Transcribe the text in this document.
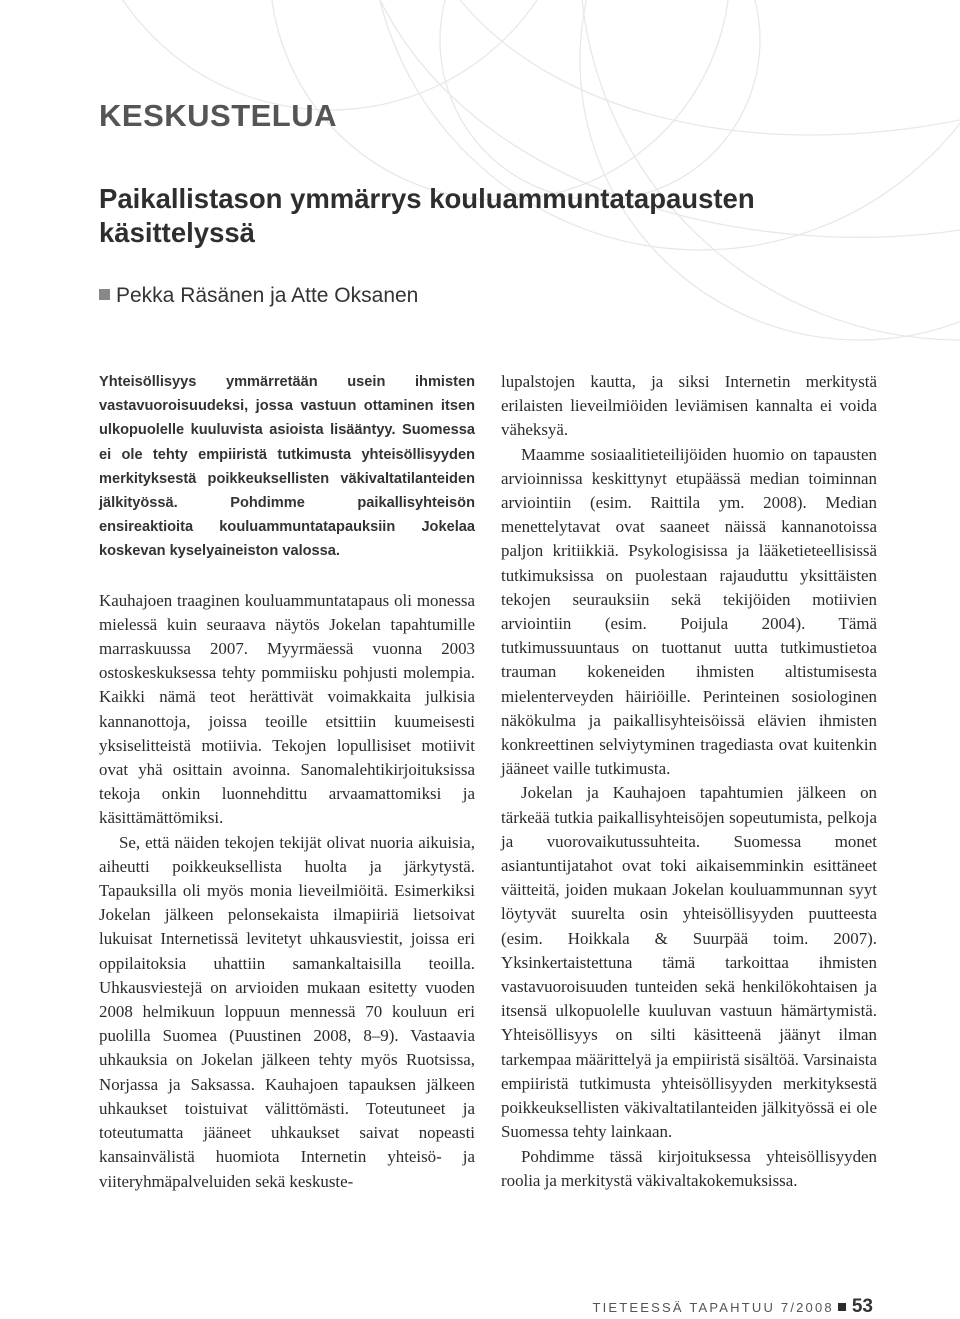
KESKUSTELUA
Paikallistason ymmärrys kouluammuntatapausten käsittelyssä
Pekka Räsänen ja Atte Oksanen

Yhteisöllisyys ymmärretään usein ihmisten vastavuoroisuudeksi, jossa vastuun ottaminen itsen ulkopuolelle kuuluvista asioista lisääntyy. Suomessa ei ole tehty empiiristä tutkimusta yhteisöllisyyden merkityksestä poikkeuksellisten väkivaltatilanteiden jälkityössä. Pohdimme paikallisyhteisön ensireaktioita kouluammuntatapauksiin Jokelaa koskevan kyselyaineiston valossa.

Kauhajoen traaginen kouluammuntatapaus oli monessa mielessä kuin seuraava näytös Jokelan tapahtumille marraskuussa 2007. Myyrmäessä vuonna 2003 ostoskeskuksessa tehty pommiisku pohjusti molempia. Kaikki nämä teot herättivät voimakkaita julkisia kannanottoja, joissa teoille etsittiin kuumeisesti yksiselitteistä motiivia. Tekojen lopullisiset motiivit ovat yhä osittain avoinna. Sanomalehtikirjoituksissa tekoja onkin luonnehdittu arvaamattomiksi ja käsittämättömiksi.

Se, että näiden tekojen tekijät olivat nuoria aikuisia, aiheutti poikkeuksellista huolta ja järkytystä. Tapauksilla oli myös monia lieveilmiöitä. Esimerkiksi Jokelan jälkeen pelonsekaista ilmapiiriä lietsoivat lukuisat Internetissä levitetyt uhkausviestit, joissa eri oppilaitoksia uhattiin samankaltaisilla teoilla. Uhkausviestejä on arvioiden mukaan esitetty vuoden 2008 helmikuun loppuun mennessä 70 kouluun eri puolilla Suomea (Puustinen 2008, 8–9). Vastaavia uhkauksia on Jokelan jälkeen tehty myös Ruotsissa, Norjassa ja Saksassa. Kauhajoen tapauksen jälkeen uhkaukset toistuivat välittömästi. Toteutuneet ja toteutumatta jääneet uhkaukset saivat nopeasti kansainvälistä huomiota Internetin yhteisö- ja viiteryhmäpalveluiden sekä keskuste-

lupalstojen kautta, ja siksi Internetin merkitystä erilaisten lieveilmiöiden leviämisen kannalta ei voida väheksyä.

Maamme sosiaalitieteilijöiden huomio on tapausten arvioinnissa keskittynyt etupäässä median toiminnan arviointiin (esim. Raittila ym. 2008). Median menettelytavat ovat saaneet näissä kannanotoissa paljon kritiikkiä. Psykologisissa ja lääketieteellisissä tutkimuksissa on puolestaan rajauduttu yksittäisten tekojen seurauksiin sekä tekijöiden motiivien arviointiin (esim. Poijula 2004). Tämä tutkimussuuntaus on tuottanut uutta tutkimustietoa trauman kokeneiden ihmisten altistumisesta mielenterveyden häiriöille. Perinteinen sosiologinen näkökulma ja paikallisyhteisöissä elävien ihmisten konkreettinen selviytyminen tragediasta ovat kuitenkin jääneet vaille tutkimusta.

Jokelan ja Kauhajoen tapahtumien jälkeen on tärkeää tutkia paikallisyhteisöjen sopeutumista, pelkoja ja vuorovaikutussuhteita. Suomessa monet asiantuntijatahot ovat toki aikaisemminkin esittäneet väitteitä, joiden mukaan Jokelan kouluammunnan syyt löytyvät suurelta osin yhteisöllisyyden puutteesta (esim. Hoikkala & Suurpää toim. 2007). Yksinkertaistettuna tämä tarkoittaa ihmisten vastavuoroisuuden tunteiden sekä henkilökohtaisen ja itsensä ulkopuolelle kuuluvan vastuun hämärtymistä. Yhteisöllisyys on silti käsitteenä jäänyt ilman tarkempaa määrittelyä ja empiiristä sisältöä. Varsinaista empiiristä tutkimusta yhteisöllisyyden merkityksestä poikkeuksellisten väkivaltatilanteiden jälkityössä ei ole Suomessa tehty lainkaan.

Pohdimme tässä kirjoituksessa yhteisöllisyyden roolia ja merkitystä väkivaltakokemuksissa.

TIETEESSÄ TAPAHTUU 7/2008 53
